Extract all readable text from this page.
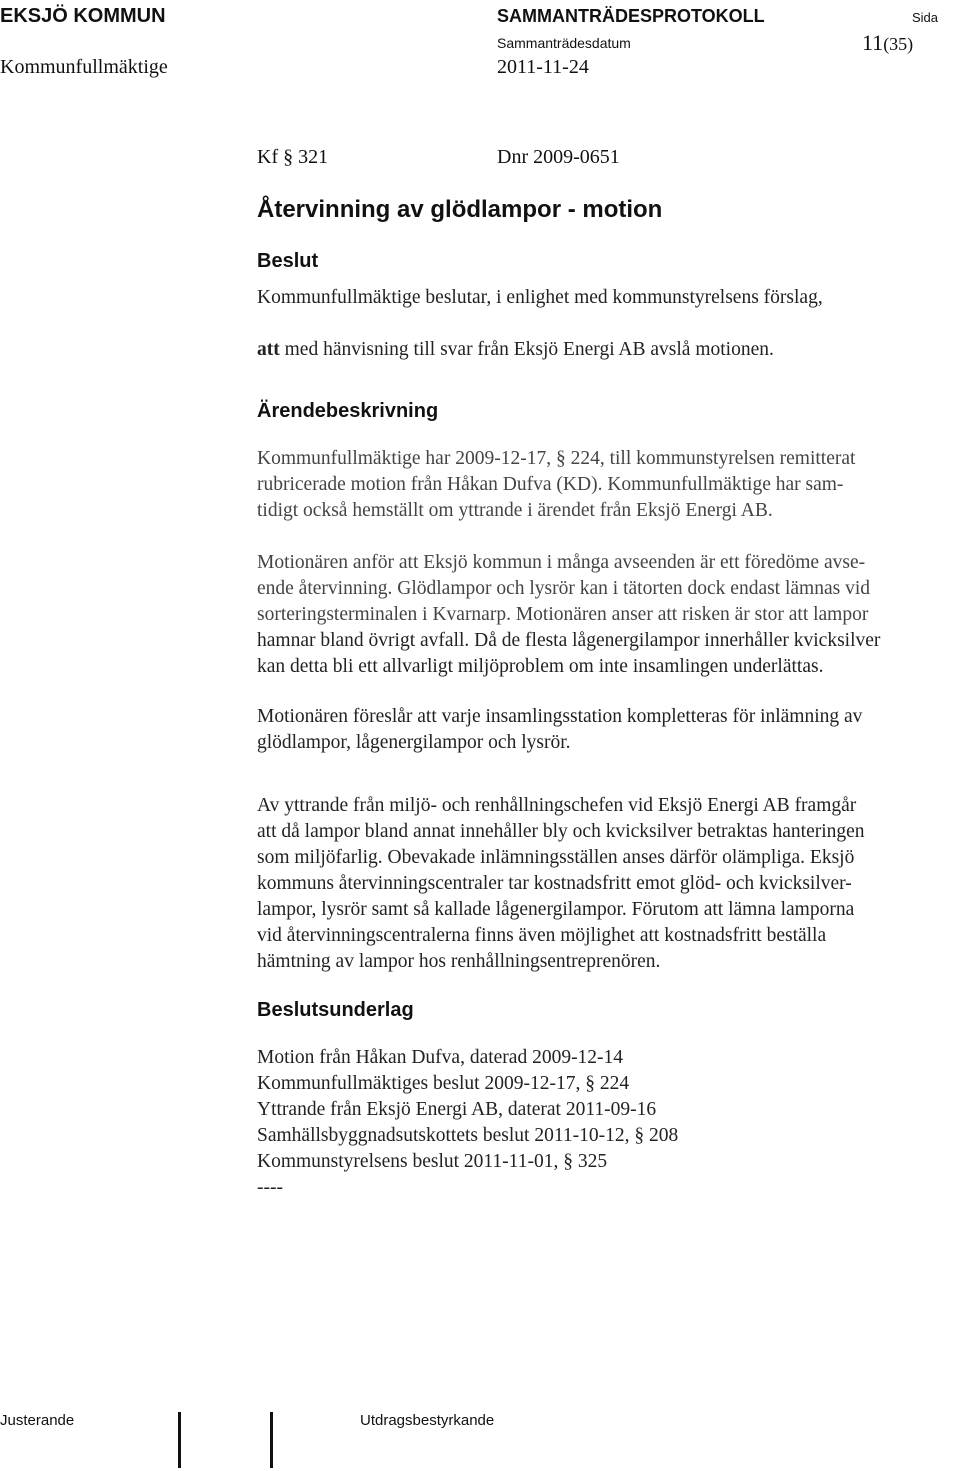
EKSJÖ KOMMUN	SAMMANTRÄDESPROTOKOLL	Sida
Sammanträdesdatum
Kommunfullmäktige	2011-11-24
11(35)
Kf § 321	Dnr 2009-0651
Återvinning av glödlampor - motion
Beslut
Kommunfullmäktige beslutar, i enlighet med kommunstyrelsens förslag,
att med hänvisning till svar från Eksjö Energi AB avslå motionen.
Ärendebeskrivning
Kommunfullmäktige har 2009-12-17, § 224, till kommunstyrelsen remitterat
rubricerade motion från Håkan Dufva (KD). Kommunfullmäktige har sam-
tidigt också hemställt om yttrande i ärendet från Eksjö Energi AB.
Motionären anför att Eksjö kommun i många avseenden är ett föredöme avse-
ende återvinning. Glödlampor och lysrör kan i tätorten dock endast lämnas vid
sorteringsterminalen i Kvarnarp. Motionären anser att risken är stor att lampor
hamnar bland övrigt avfall. Då de flesta lågenergilampor innerhåller kvicksilver
kan detta bli ett allvarligt miljöproblem om inte insamlingen underlättas.
Motionären föreslår att varje insamlingsstation kompletteras för inlämning av
glödlampor, lågenergilampor och lysrör.
Av yttrande från miljö- och renhållningschefen vid Eksjö Energi AB framgår
att då lampor bland annat innehåller bly och kvicksilver betraktas hanteringen
som miljöfarlig. Obevakade inlämningsställen anses därför olämpliga. Eksjö
kommuns återvinningscentraler tar kostnadsfritt emot glöd- och kvicksilver-
lampor, lysrör samt så kallade lågenergilampor. Förutom att lämna lamporna
vid återvinningscentralerna finns även möjlighet att kostnadsfritt beställa
hämtning av lampor hos renhållningsentreprenören.
Beslutsunderlag
Motion från Håkan Dufva, daterad 2009-12-14
Kommunfullmäktiges beslut 2009-12-17, § 224
Yttrande från Eksjö Energi AB, daterat 2011-09-16
Samhällsbyggnadsutskottets beslut 2011-10-12, § 208
Kommunstyrelsens beslut 2011-11-01, § 325
----
Justerande	Utdragsbestyrkande
